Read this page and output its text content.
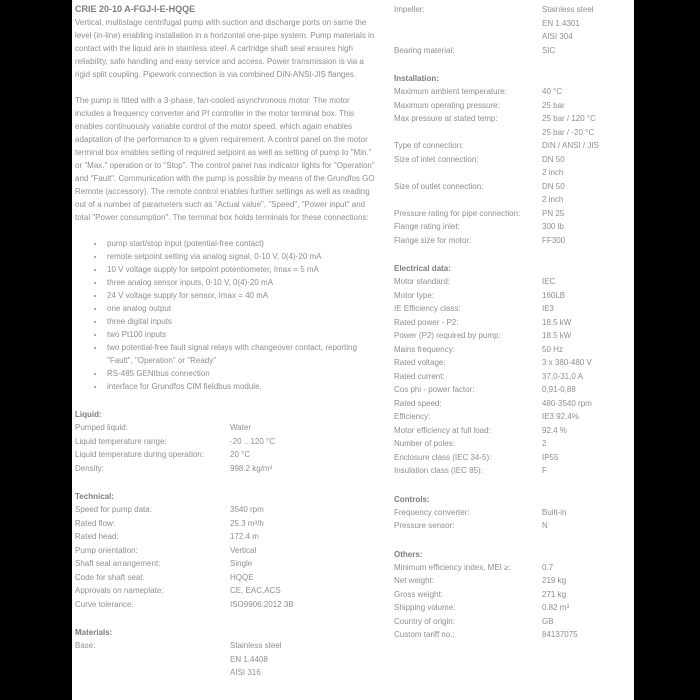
CRIE 20-10 A-FGJ-I-E-HQQE

Vertical, multistage centrifugal pump with suction and discharge ports on same the level (in-line) enabling installation in a horizontal one-pipe system. Pump materials in contact with the liquid are in stainless steel. A cartridge shaft seal ensures high reliability, safe handling and easy service and access. Power transmission is via a rigid split coupling. Pipework connection is via combined DIN-ANSI-JIS flanges.

The pump is fitted with a 3-phase, fan-cooled asynchronous motor. The motor includes a frequency converter and PI controller in the motor terminal box. This enables continuously variable control of the motor speed, which again enables adaptation of the performance to a given requirement. A control panel on the motor terminal box enables setting of required setpoint as well as setting of pump to "Min." or "Max." operation or to "Stop". The control panel has indicator lights for "Operation" and "Fault". Communication with the pump is possible by means of the Grundfos GO Remote (accessory). The remote control enables further settings as well as reading out of a number of parameters such as "Actual value", "Speed", "Power input" and total "Power consumption". The terminal box holds terminals for these connections:

• pump start/stop input (potential-free contact)
• remote setpoint setting via analog signal, 0-10 V, 0(4)-20 mA
• 10 V voltage supply for setpoint potentiometer, Imax = 5 mA
• three analog sensor inputs, 0-10 V, 0(4)-20 mA
• 24 V voltage supply for sensor, Imax = 40 mA
• one analog output
• three digital inputs
• two Pt100 inputs
• two potential-free fault signal relays with changeover contact, reporting "Fault", "Operation" or "Ready"
• RS-485 GENIbus connection
• interface for Grundfos CIM fieldbus module.
Liquid:
Pumped liquid:	Water
Liquid temperature range:	-20 .. 120 °C
Liquid temperature during operation:	20 °C
Density:	998.2 kg/m³
Technical:
Speed for pump data:	3540 rpm
Rated flow:	25.3 m³/h
Rated head:	172.4 m
Pump orientation:	Vertical
Shaft seal arrangement:	Single
Code for shaft seal:	HQQE
Approvals on nameplate:	CE, EAC,ACS
Curve tolerance:	ISO9906:2012 3B
Materials:
Base:	Stainless steel
EN 1.4408
AISI 316
Impeller:	Stainless steel
EN 1.4301
AISI 304
Bearing material:	SIC
Installation:
Maximum ambient temperature:	40 °C
Maximum operating pressure:	25 bar
Max pressure at stated temp:	25 bar / 120 °C
25 bar / -20 °C
Type of connection:	DIN / ANSI / JIS
Size of inlet connection:	DN 50
2 inch
Size of outlet connection:	DN 50
2 inch
Pressure rating for pipe connection:	PN 25
Flange rating inlet:	300 lb
Flange size for motor:	FF300
Electrical data:
Motor standard:	IEC
Motor type:	160LB
IE Efficiency class:	IE3
Rated power - P2:	18.5 kW
Power (P2) required by pump:	18.5 kW
Mains frequency:	50 Hz
Rated voltage:	3 x 380-480 V
Rated current:	37,0-31,0 A
Cos phi - power factor:	0,91-0,88
Rated speed:	480-3540 rpm
Efficiency:	IE3 92,4%
Motor efficiency at full load:	92.4 %
Number of poles:	2
Enclosure class (IEC 34-5):	IP55
Insulation class (IEC 85):	F
Controls:
Frequency converter:	Built-in
Pressure sensor:	N
Others:
Minimum efficiency index, MEI ≥:	0.7
Net weight:	219 kg
Gross weight:	271 kg
Shipping volume:	0.82 m³
Country of origin:	GB
Custom tariff no.:	84137075
